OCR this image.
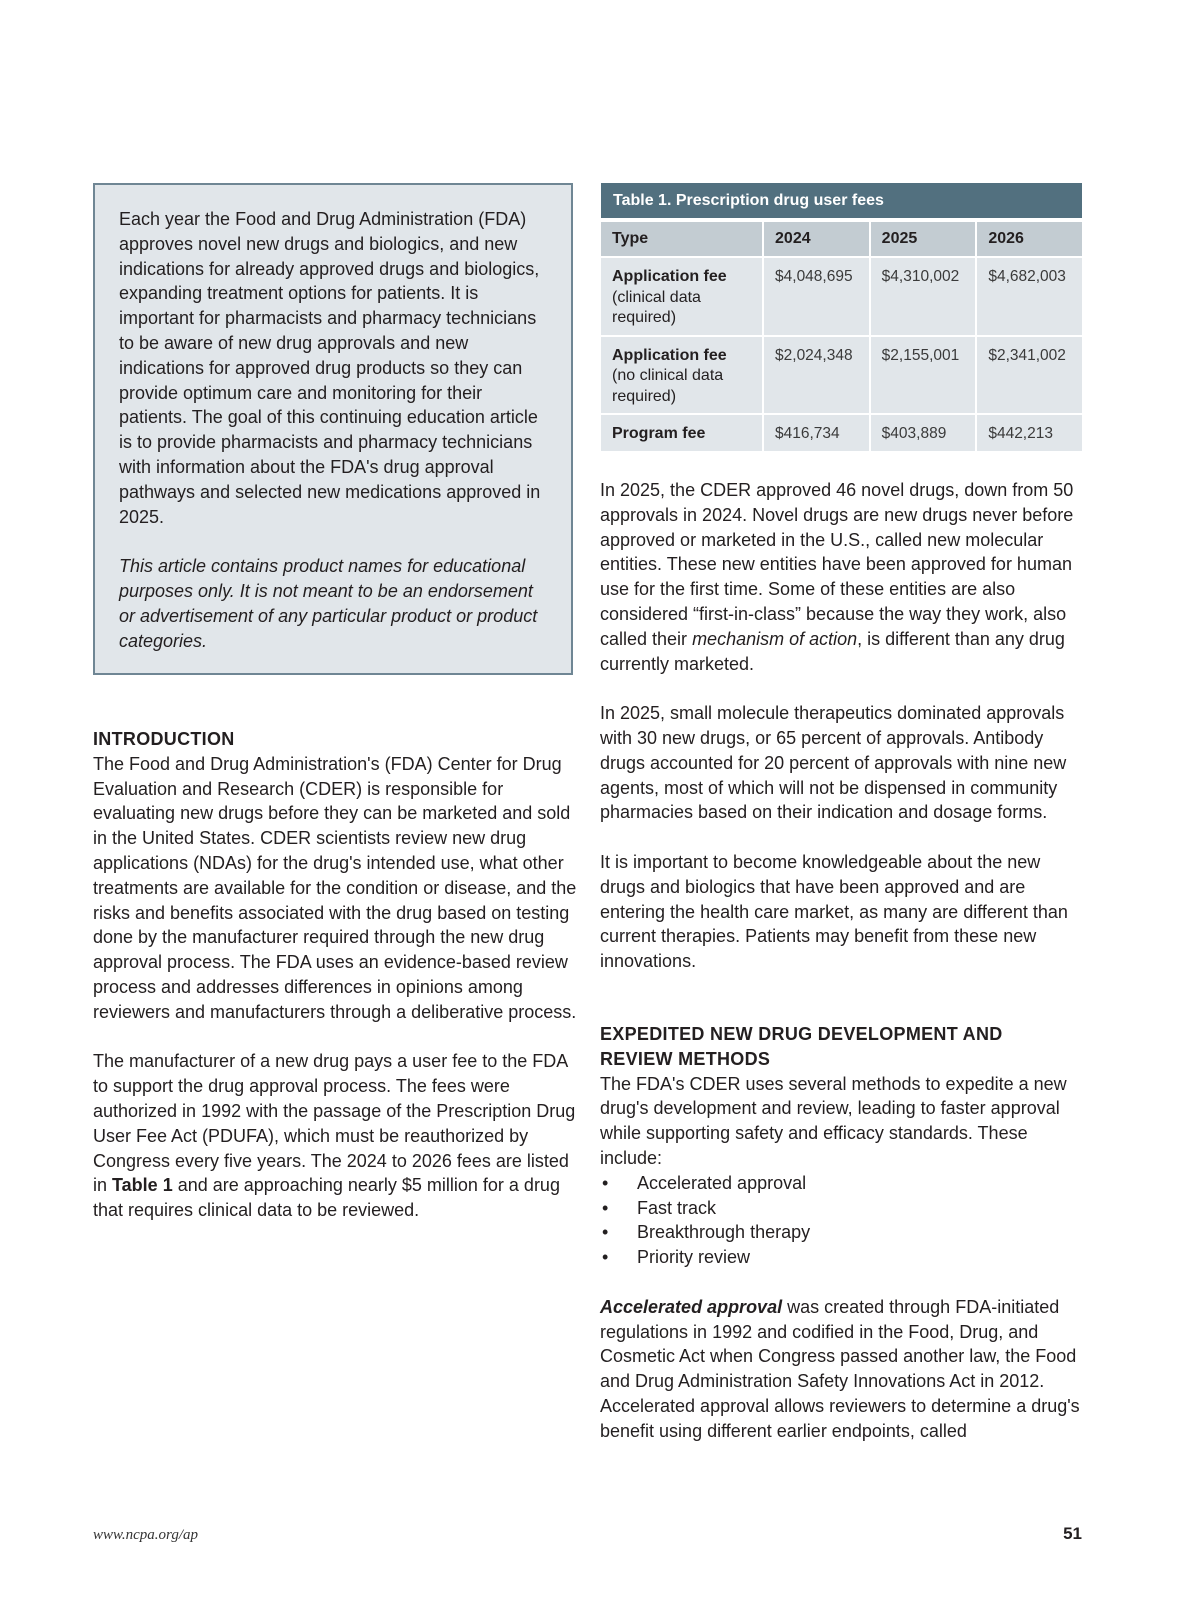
Each year the Food and Drug Administration (FDA) approves novel new drugs and biologics, and new indications for already approved drugs and biologics, expanding treatment options for patients. It is important for pharmacists and pharmacy technicians to be aware of new drug approvals and new indications for approved drug products so they can provide optimum care and monitoring for their patients. The goal of this continuing education article is to provide pharmacists and pharmacy technicians with information about the FDA's drug approval pathways and selected new medications approved in 2025.

This article contains product names for educational purposes only. It is not meant to be an endorsement or advertisement of any particular product or product categories.

INTRODUCTION

The Food and Drug Administration's (FDA) Center for Drug Evaluation and Research (CDER) is responsible for evaluating new drugs before they can be marketed and sold in the United States. CDER scientists review new drug applications (NDAs) for the drug's intended use, what other treatments are available for the condition or disease, and the risks and benefits associated with the drug based on testing done by the manufacturer required through the new drug approval process. The FDA uses an evidence-based review process and addresses differences in opinions among reviewers and manufacturers through a deliberative process.

The manufacturer of a new drug pays a user fee to the FDA to support the drug approval process. The fees were authorized in 1992 with the passage of the Prescription Drug User Fee Act (PDUFA), which must be reauthorized by Congress every five years. The 2024 to 2026 fees are listed in Table 1 and are approaching nearly $5 million for a drug that requires clinical data to be reviewed.

Table 1. Prescription drug user fees
Type	2024	2025	2026

Application fee
(clinical data required)	$4,048,695	$4,310,002	$4,682,003

Application fee
(no clinical data required)	$2,024,348	$2,155,001	$2,341,002

Program fee	$416,734	$403,889	$442,213

In 2025, the CDER approved 46 novel drugs, down from 50 approvals in 2024. Novel drugs are new drugs never before approved or marketed in the U.S., called new molecular entities. These new entities have been approved for human use for the first time. Some of these entities are also considered “first-in-class” because the way they work, also called their mechanism of action, is different than any drug currently marketed.

In 2025, small molecule therapeutics dominated approvals with 30 new drugs, or 65 percent of approvals. Antibody drugs accounted for 20 percent of approvals with nine new agents, most of which will not be dispensed in community pharmacies based on their indication and dosage forms.

It is important to become knowledgeable about the new drugs and biologics that have been approved and are entering the health care market, as many are different than current therapies. Patients may benefit from these new innovations.

EXPEDITED NEW DRUG DEVELOPMENT AND
REVIEW METHODS

The FDA's CDER uses several methods to expedite a new drug's development and review, leading to faster approval while supporting safety and efficacy standards. These include:

• Accelerated approval
• Fast track
• Breakthrough therapy
• Priority review

Accelerated approval was created through FDA-initiated regulations in 1992 and codified in the Food, Drug, and Cosmetic Act when Congress passed another law, the Food and Drug Administration Safety Innovations Act in 2012. Accelerated approval allows reviewers to determine a drug's benefit using different earlier endpoints, called

www.ncpa.org/ap	51
